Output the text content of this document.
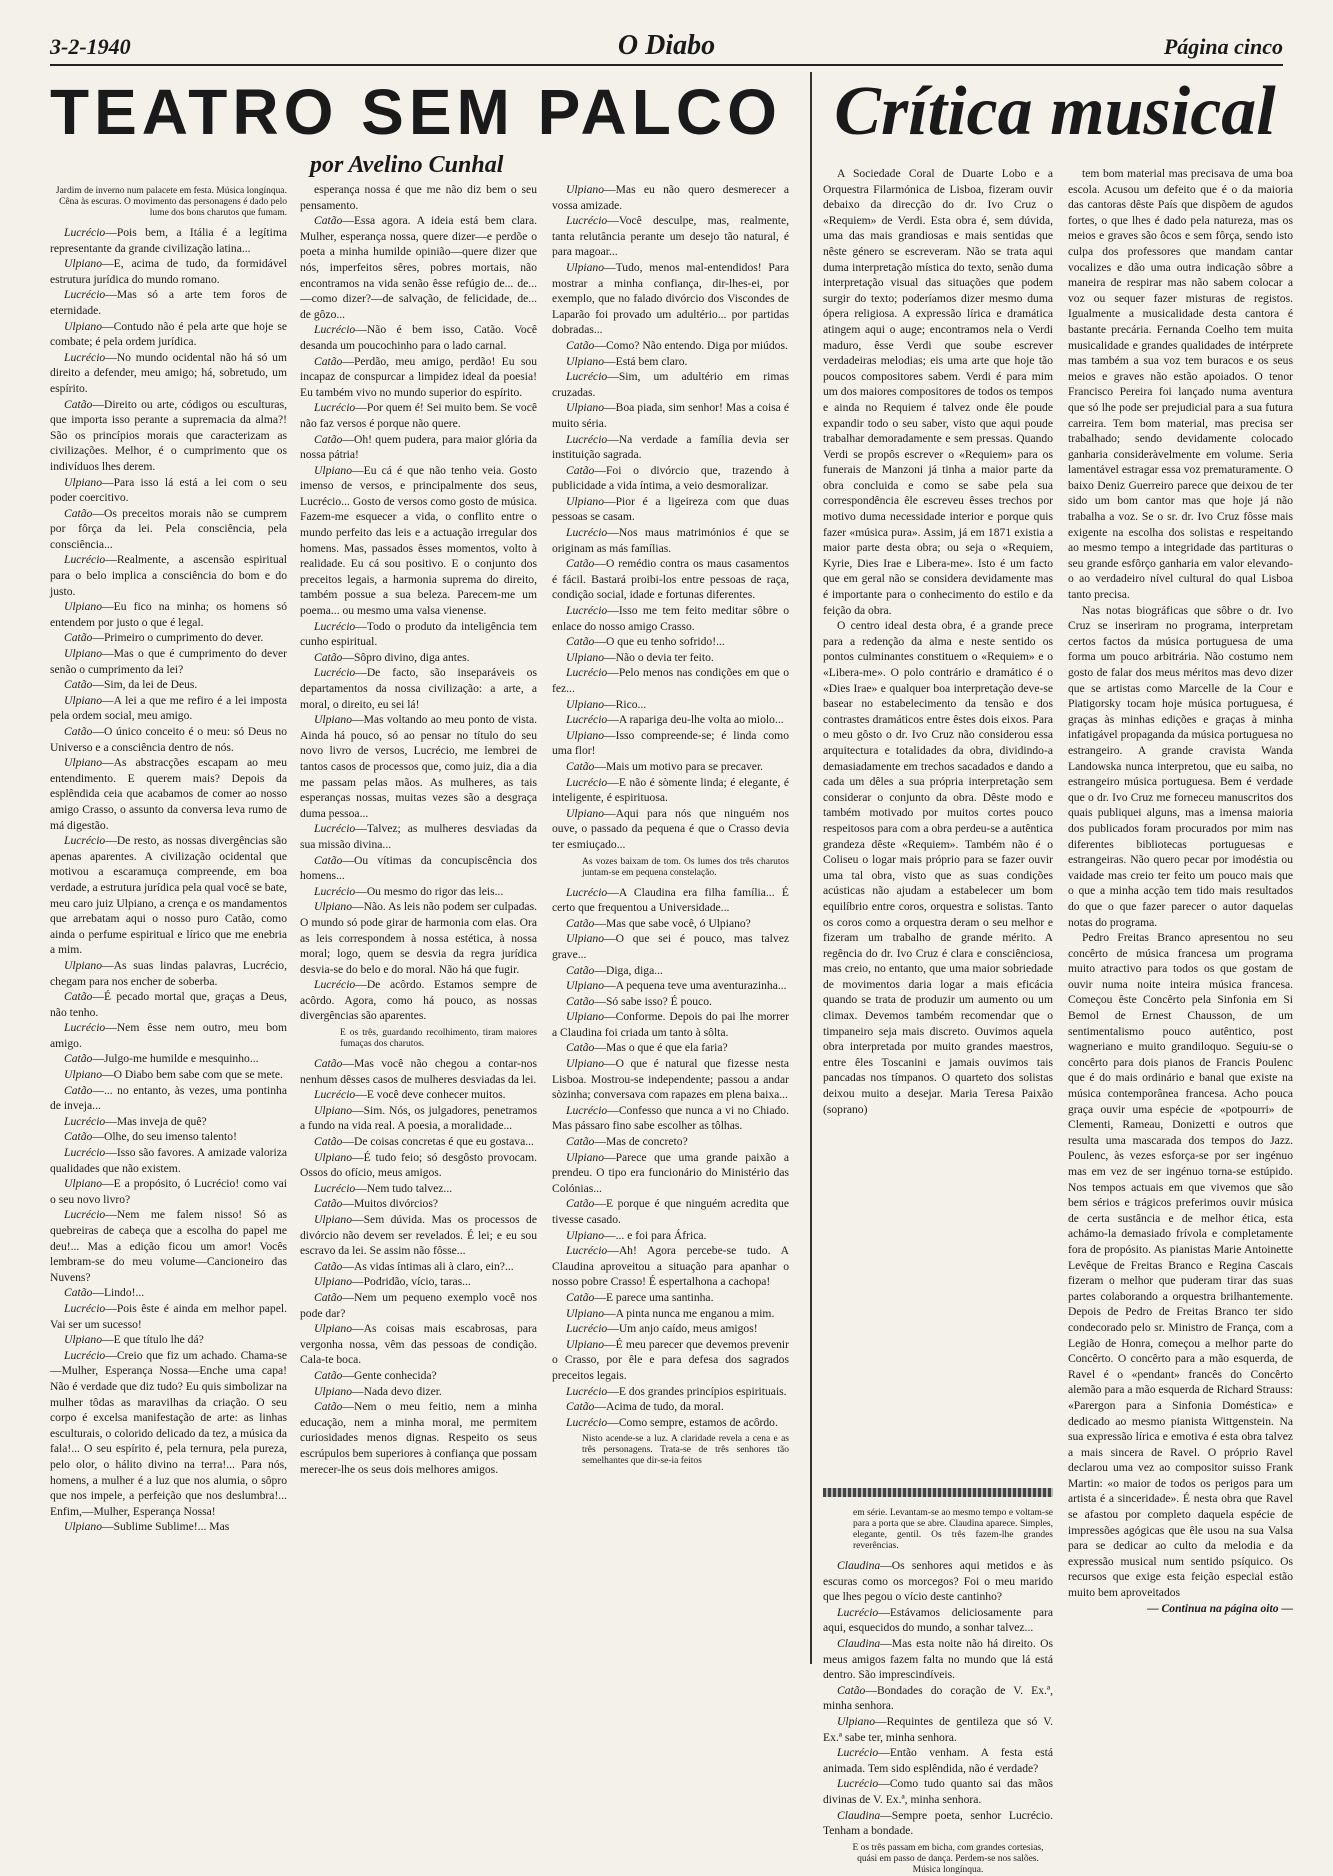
3-2-1940	O Diabo	Página cinco
TEATRO SEM PALCO
por Avelino Cunhal
Crítica musical

Jardim de inverno num palacete em festa. Música longínqua. Cêna às escuras. O movimento das personagens é dado pelo lume dos bons charutos que fumam.

Lucrécio—Pois bem, a Itália é a legítima representante da grande civilização latina...

Ulpiano—E, acima de tudo, da formidável estrutura jurídica do mundo romano.

Lucrécio—Mas só a arte tem foros de eternidade.

Ulpiano—Contudo não é pela arte que hoje se combate; é pela ordem jurídica.

Lucrécio—No mundo ocidental não há só um direito a defender, meu amigo; há, sobretudo, um espírito.

Catão—Direito ou arte, códigos ou esculturas, que importa isso perante a supremacia da alma?! São os princípios morais que caracterizam as civilizações. Melhor, é o cumprimento que os indivíduos lhes derem.

Ulpiano—Para isso lá está a lei com o seu poder coercitivo.

Catão—Os preceitos morais não se cumprem por fôrça da lei. Pela consciência, pela consciência...

Lucrécio—Realmente, a ascensão espiritual para o belo implica a consciência do bom e do justo.

Ulpiano—Eu fico na minha; os homens só entendem por justo o que é legal.

Catão—Primeiro o cumprimento do dever.

Ulpiano—Mas o que é cumprimento do dever senão o cumprimento da lei?

Catão—Sim, da lei de Deus.

Ulpiano—A lei a que me refiro é a lei imposta pela ordem social, meu amigo.

Catão—O único conceito é o meu: só Deus no Universo e a consciência dentro de nós.

Ulpiano—As abstracções escapam ao meu entendimento. E querem mais? Depois da esplêndida ceia que acabamos de comer ao nosso amigo Crasso, o assunto da conversa leva rumo de má digestão.

Lucrécio—De resto, as nossas divergências são apenas aparentes. A civilização ocidental que motivou a escaramuça compreende, em boa verdade, a estrutura jurídica pela qual você se bate, meu caro juiz Ulpiano, a crença e os mandamentos que arrebatam aqui o nosso puro Catão, como ainda o perfume espiritual e lírico que me enebria a mim.

Ulpiano—As suas lindas palavras, Lucrécio, chegam para nos encher de soberba.

Catão—É pecado mortal que, graças a Deus, não tenho.

Lucrécio—Nem êsse nem outro, meu bom amigo.

Catão—Julgo-me humilde e mesquinho...

Ulpiano—O Diabo bem sabe com que se mete.

Catão—... no entanto, às vezes, uma pontinha de inveja...

Lucrécio—Mas inveja de quê?

Catão—Olhe, do seu imenso talento!

Lucrécio—Isso são favores. A amizade valoriza qualidades que não existem.

Ulpiano—E a propósito, ó Lucrécio! como vai o seu novo livro?

Lucrécio—Nem me falem nisso! Só as quebreiras de cabeça que a escolha do papel me deu!... Mas a edição ficou um amor! Vocês lembram-se do meu volume—Cancioneiro das Nuvens?

Catão—Lindo!...

Lucrécio—Pois êste é ainda em melhor papel. Vai ser um sucesso!

Ulpiano—E que título lhe dá?

Lucrécio—Creio que fiz um achado. Chama-se—Mulher, Esperança Nossa—Enche uma capa! Não é verdade que diz tudo? Eu quis simbolizar na mulher tôdas as maravilhas da criação. O seu corpo é excelsa manifestação de arte: as linhas esculturais, o colorido delicado da tez, a música da fala!... O seu espírito é, pela ternura, pela pureza, pelo olor, o hálito divino na terra!... Para nós, homens, a mulher é a luz que nos alumia, o sôpro que nos impele, a perfeição que nos deslumbra!... Enfim,—Mulher, Esperança Nossa!

Ulpiano—Sublime Sublime!... Mas

esperança nossa é que me não diz bem o seu pensamento.

Catão—Essa agora. A ideia está bem clara. Mulher, esperança nossa, quere dizer—e perdõe o poeta a minha humilde opinião—quere dizer que nós, imperfeitos sêres, pobres mortais, não encontramos na vida senão êsse refúgio de... de...—como dizer?—de salvação, de felicidade, de... de gôzo...

Lucrécio—Não é bem isso, Catão. Você desanda um poucochinho para o lado carnal.

Catão—Perdão, meu amigo, perdão! Eu sou incapaz de conspurcar a limpidez ideal da poesia! Eu também vivo no mundo superior do espírito.

Lucrécio—Por quem é! Sei muito bem. Se você não faz versos é porque não quere.

Catão—Oh! quem pudera, para maior glória da nossa pátria!

Ulpiano—Eu cá é que não tenho veia. Gosto imenso de versos, e principalmente dos seus, Lucrécio... Gosto de versos como gosto de música. Fazem-me esquecer a vida, o conflito entre o mundo perfeito das leis e a actuação irregular dos homens. Mas, passados êsses momentos, volto à realidade. Eu cá sou positivo. E o conjunto dos preceitos legais, a harmonia suprema do direito, também possue a sua beleza. Parecem-me um poema... ou mesmo uma valsa vienense.

Lucrécio—Todo o produto da inteligência tem cunho espiritual.

Catão—Sôpro divino, diga antes.

Lucrécio—De facto, são inseparáveis os departamentos da nossa civilização: a arte, a moral, o direito, eu sei lá!

Ulpiano—Mas voltando ao meu ponto de vista. Ainda há pouco, só ao pensar no título do seu novo livro de versos, Lucrécio, me lembrei de tantos casos de processos que, como juiz, dia a dia me passam pelas mãos. As mulheres, as tais esperanças nossas, muitas vezes são a desgraça duma pessoa...

Lucrécio—Talvez; as mulheres desviadas da sua missão divina...

Catão—Ou vítimas da concupiscência dos homens...

Lucrécio—Ou mesmo do rigor das leis...

Ulpiano—Não. As leis não podem ser culpadas. O mundo só pode girar de harmonia com elas. Ora as leis correspondem à nossa estética, à nossa moral; logo, quem se desvia da regra jurídica desvia-se do belo e do moral. Não há que fugir.

Lucrécio—De acôrdo. Estamos sempre de acôrdo. Agora, como há pouco, as nossas divergências são aparentes.

E os três, guardando recolhimento, tiram maiores fumaças dos charutos.

Catão—Mas você não chegou a contar-nos nenhum dêsses casos de mulheres desviadas da lei.

Lucrécio—E você deve conhecer muitos.

Ulpiano—Sim. Nós, os julgadores, penetramos a fundo na vida real. A poesia, a moralidade...

Catão—De coisas concretas é que eu gostava...

Ulpiano—É tudo feio; só desgôsto provocam. Ossos do ofício, meus amigos.

Lucrécio—Nem tudo talvez...

Catão—Muitos divórcios?

Ulpiano—Sem dúvida. Mas os processos de divórcio não devem ser revelados. É lei; e eu sou escravo da lei. Se assim não fôsse...

Catão—As vidas íntimas ali à claro, ein?...

Ulpiano—Podridão, vício, taras...

Catão—Nem um pequeno exemplo você nos pode dar?

Ulpiano—As coisas mais escabrosas, para vergonha nossa, vêm das pessoas de condição. Cala-te boca.

Catão—Gente conhecida?

Ulpiano—Nada devo dizer.

Catão—Nem o meu feitio, nem a minha educação, nem a minha moral, me permitem curiosidades menos dignas. Respeito os seus escrúpulos bem superiores à confiança que possam merecer-lhe os seus dois melhores amigos.

Ulpiano—Mas eu não quero desmerecer a vossa amizade.

Lucrécio—Você desculpe, mas, realmente, tanta relutância perante um desejo tão natural, é para magoar...

Ulpiano—Tudo, menos mal-entendidos! Para mostrar a minha confiança, dir-lhes-ei, por exemplo, que no falado divórcio dos Viscondes de Laparão foi provado um adultério... por partidas dobradas...

Catão—Como? Não entendo. Diga por miúdos.

Ulpiano—Está bem claro.

Lucrécio—Sim, um adultério em rimas cruzadas.

Ulpiano—Boa piada, sim senhor! Mas a coisa é muito séria.

Lucrécio—Na verdade a família devia ser instituição sagrada.

Catão—Foi o divórcio que, trazendo à publicidade a vida íntima, a veio desmoralizar.

Ulpiano—Pior é a ligeireza com que duas pessoas se casam.

Lucrécio—Nos maus matrimónios é que se originam as más famílias.

Catão—O remédio contra os maus casamentos é fácil. Bastará proibi-los entre pessoas de raça, condição social, idade e fortunas diferentes.

Lucrécio—Isso me tem feito meditar sôbre o enlace do nosso amigo Crasso.

Catão—O que eu tenho sofrido!...

Ulpiano—Não o devia ter feito.

Lucrécio—Pelo menos nas condições em que o fez...

Ulpiano—Rico...

Lucrécio—A rapariga deu-lhe volta ao miolo...

Ulpiano—Isso compreende-se; é linda como uma flor!

Catão—Mais um motivo para se precaver.

Lucrécio—E não é sòmente linda; é elegante, é inteligente, é espirituosa.

Ulpiano—Aqui para nós que ninguém nos ouve, o passado da pequena é que o Crasso devia ter esmiuçado...

As vozes baixam de tom. Os lumes dos três charutos juntam-se em pequena constelação.

Lucrécio—A Claudina era filha família... É certo que frequentou a Universidade...

Catão—Mas que sabe você, ó Ulpiano?

Ulpiano—O que sei é pouco, mas talvez grave...

Catão—Diga, diga...

Ulpiano—A pequena teve uma aventurazinha...

Catão—Só sabe isso? É pouco.

Ulpiano—Conforme. Depois do pai lhe morrer a Claudina foi criada um tanto à sôlta.

Catão—Mas o que é que ela faria?

Ulpiano—O que é natural que fizesse nesta Lisboa. Mostrou-se independente; passou a andar sòzinha; conversava com rapazes em plena baixa...

Lucrécio—Confesso que nunca a vi no Chiado. Mas pássaro fino sabe escolher as tôlhas.

Catão—Mas de concreto?

Ulpiano—Parece que uma grande paixão a prendeu. O tipo era funcionário do Ministério das Colónias...

Catão—E porque é que ninguém acredita que tivesse casado.

Ulpiano—... e foi para África.

Lucrécio—Ah! Agora percebe-se tudo. A Claudina aproveitou a situação para apanhar o nosso pobre Crasso! É espertalhona a cachopa!

Catão—E parece uma santinha.

Ulpiano—A pinta nunca me enganou a mim.

Lucrécio—Um anjo caído, meus amigos!

Ulpiano—É meu parecer que devemos prevenir o Crasso, por êle e para defesa dos sagrados preceitos legais.

Lucrécio—E dos grandes princípios espirituais.

Catão—Acima de tudo, da moral.

Lucrécio—Como sempre, estamos de acôrdo.

Nisto acende-se a luz. A claridade revela a cena e as três personagens. Trata-se de três senhores tão semelhantes que dir-se-ia feitos

A Sociedade Coral de Duarte Lobo e a Orquestra Filarmónica de Lisboa, fizeram ouvir debaixo da direcção do dr. Ivo Cruz o «Requiem» de Verdi. Esta obra é, sem dúvida, uma das mais grandiosas e mais sentidas que nêste género se escreveram. Não se trata aqui duma interpretação mística do texto, senão duma interpretação visual das situações que podem surgir do texto; poderíamos dizer mesmo duma ópera religiosa. A expressão lírica e dramática atingem aqui o auge; encontramos nela o Verdi maduro, êsse Verdi que soube escrever verdadeiras melodias; eis uma arte que hoje tão poucos compositores sabem. Verdi é para mim um dos maiores compositores de todos os tempos e ainda no Requiem é talvez onde êle poude expandir todo o seu saber, visto que aqui poude trabalhar demoradamente e sem pressas. Quando Verdi se propôs escrever o «Requiem» para os funerais de Manzoni já tinha a maior parte da obra concluida e como se sabe pela sua correspondência êle escreveu êsses trechos por motivo duma necessidade interior e porque quis fazer «música pura». Assim, já em 1871 existia a maior parte desta obra; ou seja o «Requiem, Kyrie, Dies Irae e Libera-me». Isto é um facto que em geral não se considera devidamente mas é importante para o conhecimento do estilo e da feição da obra.

O centro ideal desta obra, é a grande prece para a redenção da alma e neste sentido os pontos culminantes constituem o «Requiem» e o «Libera-me». O polo contrário e dramático é o «Dies Irae» e qualquer boa interpretação deve-se basear no estabelecimento da tensão e dos contrastes dramáticos entre êstes dois eixos. Para o meu gôsto o dr. Ivo Cruz não considerou essa arquitectura e totalidades da obra, dividindo-a demasiadamente em trechos sacadados e dando a cada um dêles a sua própria interpretação sem considerar o conjunto da obra. Dêste modo e também motivado por muitos cortes pouco respeitosos para com a obra perdeu-se a autêntica grandeza dêste «Requiem». Também não é o Coliseu o logar mais próprio para se fazer ouvir uma tal obra, visto que as suas condições acústicas não ajudam a estabelecer um bom equilíbrio entre coros, orquestra e solistas. Tanto os coros como a orquestra deram o seu melhor e fizeram um trabalho de grande mérito. A regência do dr. Ivo Cruz é clara e consciênciosa, mas creio, no entanto, que uma maior sobriedade de movimentos daria logar a mais eficácia quando se trata de produzir um aumento ou um climax. Devemos também recomendar que o timpaneiro seja mais discreto. Ouvimos aquela obra interpretada por muito grandes maestros, entre êles Toscanini e jamais ouvimos tais pancadas nos tímpanos. O quarteto dos solistas deixou muito a desejar. Maria Teresa Paixão (soprano)

em série. Levantam-se ao mesmo tempo e voltam-se para a porta que se abre. Claudina aparece. Simples, elegante, gentil. Os três fazem-lhe grandes reverências.

Claudina—Os senhores aqui metidos e às escuras como os morcegos? Foi o meu marido que lhes pegou o vício deste cantinho?

Lucrécio—Estávamos deliciosamente para aqui, esquecidos do mundo, a sonhar talvez...

Claudina—Mas esta noite não há direito. Os meus amigos fazem falta no mundo que lá está dentro. São imprescindíveis.

Catão—Bondades do coração de V. Ex.ª, minha senhora.

Ulpiano—Requintes de gentileza que só V. Ex.ª sabe ter, minha senhora.

Lucrécio—Então venham. A festa está animada. Tem sido esplêndida, não é verdade?

Lucrécio—Como tudo quanto sai das mãos divinas de V. Ex.ª, minha senhora.

Claudina—Sempre poeta, senhor Lucrécio. Tenham a bondade.

E os três passam em bicha, com grandes cortesias, quási em passo de dança. Perdem-se nos salões. Música longínqua.

tem bom material mas precisava de uma boa escola. Acusou um defeito que é o da maioria das cantoras dêste País que dispõem de agudos fortes, o que lhes é dado pela natureza, mas os meios e graves são ôcos e sem fôrça, sendo isto culpa dos professores que mandam cantar vocalizes e dão uma outra indicação sôbre a maneira de respirar mas não sabem colocar a voz ou sequer fazer misturas de registos. Igualmente a musicalidade desta cantora é bastante precária. Fernanda Coelho tem muita musicalidade e grandes qualidades de intérprete mas também a sua voz tem buracos e os seus meios e graves não estão apoiados. O tenor Francisco Pereira foi lançado numa aventura que só lhe pode ser prejudicial para a sua futura carreira. Tem bom material, mas precisa ser trabalhado; sendo devidamente colocado ganharia consideràvelmente em volume. Seria lamentável estragar essa voz prematuramente. O baixo Deniz Guerreiro parece que deixou de ter sido um bom cantor mas que hoje já não trabalha a voz. Se o sr. dr. Ivo Cruz fôsse mais exigente na escolha dos solistas e respeitando ao mesmo tempo a integridade das partituras o seu grande esfôrço ganharia em valor elevando-o ao verdadeiro nível cultural do qual Lisboa tanto precisa.

Nas notas biográficas que sôbre o dr. Ivo Cruz se inseriram no programa, interpretam certos factos da música portuguesa de uma forma um pouco arbitrária. Não costumo nem gosto de falar dos meus méritos mas devo dizer que se artistas como Marcelle de la Cour e Piatigorsky tocam hoje música portuguesa, é graças às minhas edições e graças à minha infatigável propaganda da música portuguesa no estrangeiro. A grande cravista Wanda Landowska nunca interpretou, que eu saiba, no estrangeiro música portuguesa. Bem é verdade que o dr. Ivo Cruz me forneceu manuscritos dos quais publiquei alguns, mas a imensa maioria dos publicados foram procurados por mim nas diferentes bibliotecas portuguesas e estrangeiras. Não quero pecar por imodéstia ou vaidade mas creio ter feito um pouco mais que o que a minha acção tem tido mais resultados do que o que fazer parecer o autor daquelas notas do programa.

Pedro Freitas Branco apresentou no seu concêrto de música francesa um programa muito atractivo para todos os que gostam de ouvir numa noite inteira música francesa. Começou êste Concêrto pela Sinfonia em Si Bemol de Ernest Chausson, de um sentimentalismo pouco autêntico, post wagneriano e muito grandiloquo. Seguiu-se o concêrto para dois pianos de Francis Poulenc que é do mais ordinário e banal que existe na música contemporânea francesa. Acho pouca graça ouvir uma espécie de «potpourri» de Clementi, Rameau, Donizetti e outros que resulta uma mascarada dos tempos do Jazz. Poulenc, às vezes esforça-se por ser ingénuo mas em vez de ser ingénuo torna-se estúpido. Nos tempos actuais em que vivemos que são bem sérios e trágicos preferimos ouvir música de certa sustância e de melhor ética, esta achámo-la demasiado frívola e completamente fora de propósito. As pianistas Marie Antoinette Levêque de Freitas Branco e Regina Cascais fizeram o melhor que puderam tirar das suas partes colaborando a orquestra brilhantemente. Depois de Pedro de Freitas Branco ter sido condecorado pelo sr. Ministro de França, com a Legião de Honra, começou a melhor parte do Concêrto. O concêrto para a mão esquerda, de Ravel é o «pendant» francês do Concêrto alemão para a mão esquerda de Richard Strauss: «Parergon para a Sinfonia Doméstica» e dedicado ao mesmo pianista Wittgenstein. Na sua expressão lírica e emotiva é esta obra talvez a mais sincera de Ravel. O próprio Ravel declarou uma vez ao compositor suisso Frank Martin: «o maior de todos os perigos para um artista é a sinceridade». É nesta obra que Ravel se afastou por completo daquela espécie de impressões agógicas que êle usou na sua Valsa para se dedicar ao culto da melodia e da expressão musical num sentido psíquico. Os recursos que exige esta feição especial estão muito bem aproveitados

— Continua na página oito —
